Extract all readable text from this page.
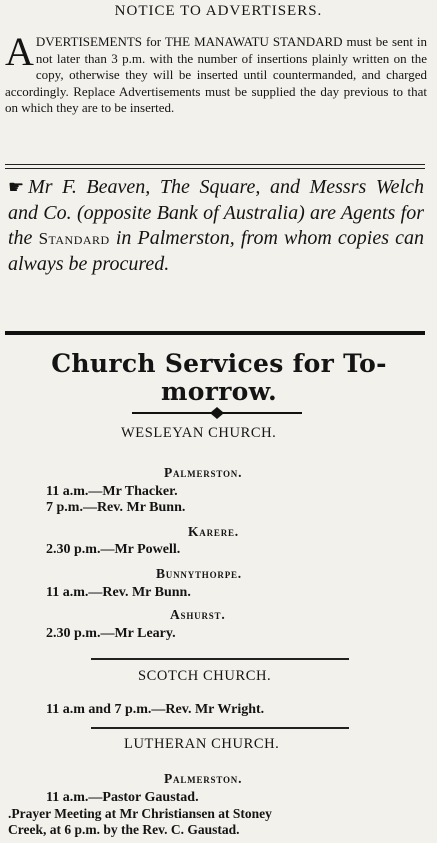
NOTICE TO ADVERTISERS.
ADVERTISEMENTS for THE MANAWATU STANDARD must be sent in not later than 3 p.m. with the number of insertions plainly written on the copy, otherwise they will be inserted until countermanded, and charged accordingly. Replace Advertisements must be supplied the day previous to that on which they are to be inserted.
☛ Mr F. Beaven, The Square, and Messrs Welch and Co. (opposite Bank of Australia) are Agents for the Standard in Palmerston, from whom copies can always be procured.
Church Services for To-morrow.
WESLEYAN CHURCH.
Palmerston.
11 a.m.—Mr Thacker.
7 p.m.—Rev. Mr Bunn.
Karere.
2.30 p.m.—Mr Powell.
Bunnythorpe.
11 a.m.—Rev. Mr Bunn.
Ashurst.
2.30 p.m.—Mr Leary.
SCOTCH CHURCH.
11 a.m and 7 p.m.—Rev. Mr Wright.
LUTHERAN CHURCH.
Palmerston.
11 a.m.—Pastor Gaustad.
.Prayer Meeting at Mr Christiansen at Stoney
Creek, at 6 p.m. by the Rev. C. Gaustad.
